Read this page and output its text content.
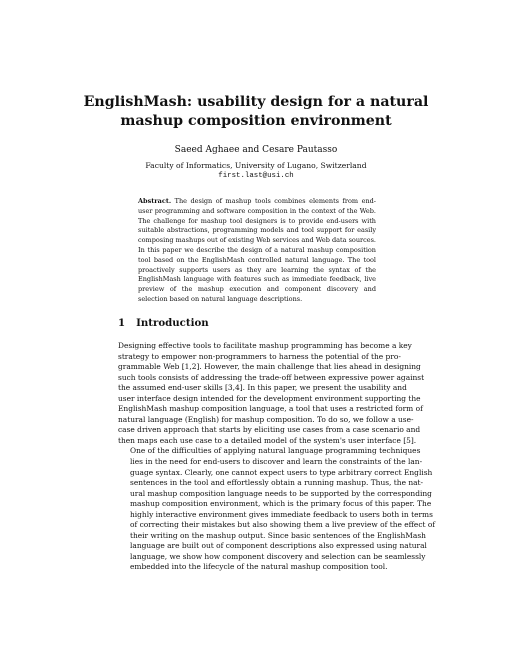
EnglishMash: usability design for a natural
mashup composition environment
Saeed Aghaee and Cesare Pautasso
Faculty of Informatics, University of Lugano, Switzerland
first.last@usi.ch
Abstract. The design of mashup tools combines elements from end-user programming and software composition in the context of the Web. The challenge for mashup tool designers is to provide end-users with suitable abstractions, programming models and tool support for easily composing mashups out of existing Web services and Web data sources. In this paper we describe the design of a natural mashup composition tool based on the EnglishMash controlled natural language. The tool proactively supports users as they are learning the syntax of the EnglishMash language with features such as immediate feedback, live preview of the mashup execution and component discovery and selection based on natural language descriptions.
1 Introduction

Designing effective tools to facilitate mashup programming has become a key
strategy to empower non-programmers to harness the potential of the pro-
grammable Web [1,2]. However, the main challenge that lies ahead in designing
such tools consists of addressing the trade-off between expressive power against
the assumed end-user skills [3,4]. In this paper, we present the usability and
user interface design intended for the development environment supporting the
EnglishMash mashup composition language, a tool that uses a restricted form of
natural language (English) for mashup composition. To do so, we follow a use-
case driven approach that starts by eliciting use cases from a case scenario and
then maps each use case to a detailed model of the system's user interface [5].

One of the difficulties of applying natural language programming techniques
lies in the need for end-users to discover and learn the constraints of the lan-
guage syntax. Clearly, one cannot expect users to type arbitrary correct English
sentences in the tool and effortlessly obtain a running mashup. Thus, the nat-
ural mashup composition language needs to be supported by the corresponding
mashup composition environment, which is the primary focus of this paper. The
highly interactive environment gives immediate feedback to users both in terms
of correcting their mistakes but also showing them a live preview of the effect of
their writing on the mashup output. Since basic sentences of the EnglishMash
language are built out of component descriptions also expressed using natural
language, we show how component discovery and selection can be seamlessly
embedded into the lifecycle of the natural mashup composition tool.
